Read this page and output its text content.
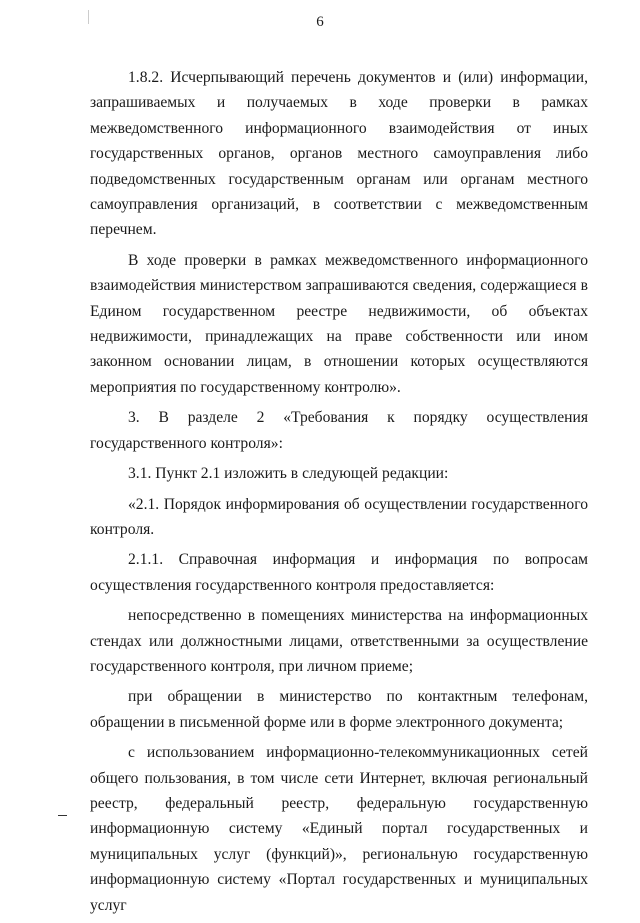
6

1.8.2. Исчерпывающий перечень документов и (или) информации, запрашиваемых и получаемых в ходе проверки в рамках межведомственного информационного взаимодействия от иных государственных органов, органов местного самоуправления либо подведомственных государственным органам или органам местного самоуправления организаций, в соответствии с межведомственным перечнем.

В ходе проверки в рамках межведомственного информационного взаимодействия министерством запрашиваются сведения, содержащиеся в Едином государственном реестре недвижимости, об объектах недвижимости, принадлежащих на праве собственности или ином законном основании лицам, в отношении которых осуществляются мероприятия по государственному контролю».

3. В разделе 2 «Требования к порядку осуществления государственного контроля»:

3.1. Пункт 2.1 изложить в следующей редакции:

«2.1. Порядок информирования об осуществлении государственного контроля.

2.1.1. Справочная информация и информация по вопросам осуществления государственного контроля предоставляется:

непосредственно в помещениях министерства на информационных стендах или должностными лицами, ответственными за осуществление государственного контроля, при личном приеме;

при обращении в министерство по контактным телефонам, обращении в письменной форме или в форме электронного документа;

с использованием информационно-телекоммуникационных сетей общего пользования, в том числе сети Интернет, включая региональный реестр, федеральный реестр, федеральную государственную информационную систему «Единый портал государственных и муниципальных услуг (функций)», региональную государственную информационную систему «Портал государственных и муниципальных услуг
